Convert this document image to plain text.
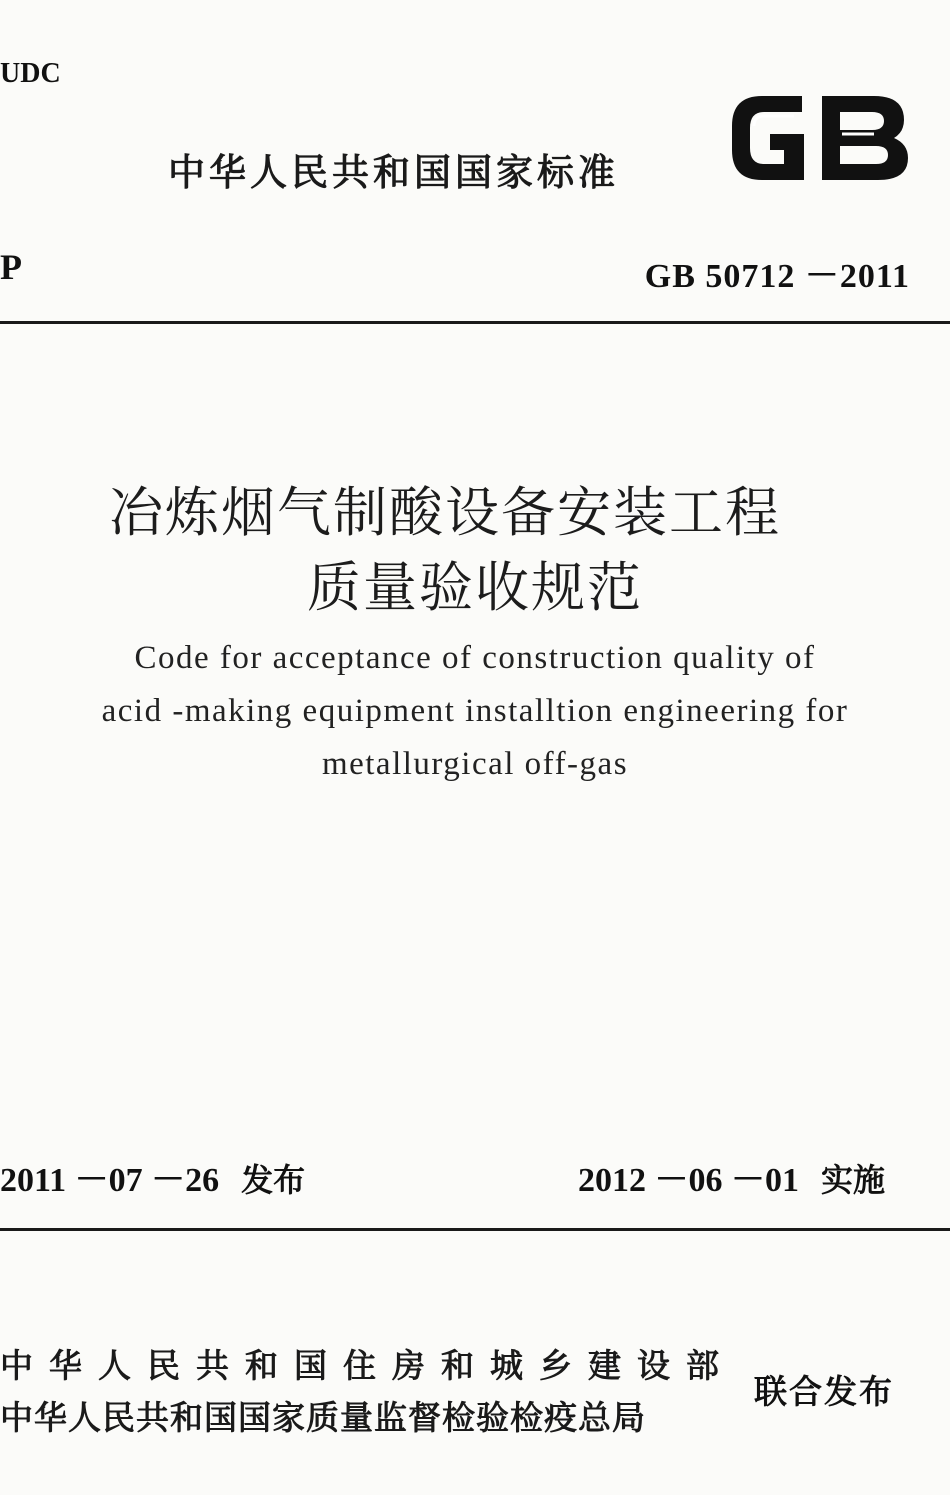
UDC
中华人民共和国国家标准
P	GB 50712 －2011
冶炼烟气制酸设备安装工程
质量验收规范
Code for acceptance of construction quality of
acid -making equipment installtion engineering for
metallurgical off-gas
2011 －07 －26 发布	2012 －06 －01 实施
中华人民共和国住房和城乡建设部
中华人民共和国国家质量监督检验检疫总局
联合发布
